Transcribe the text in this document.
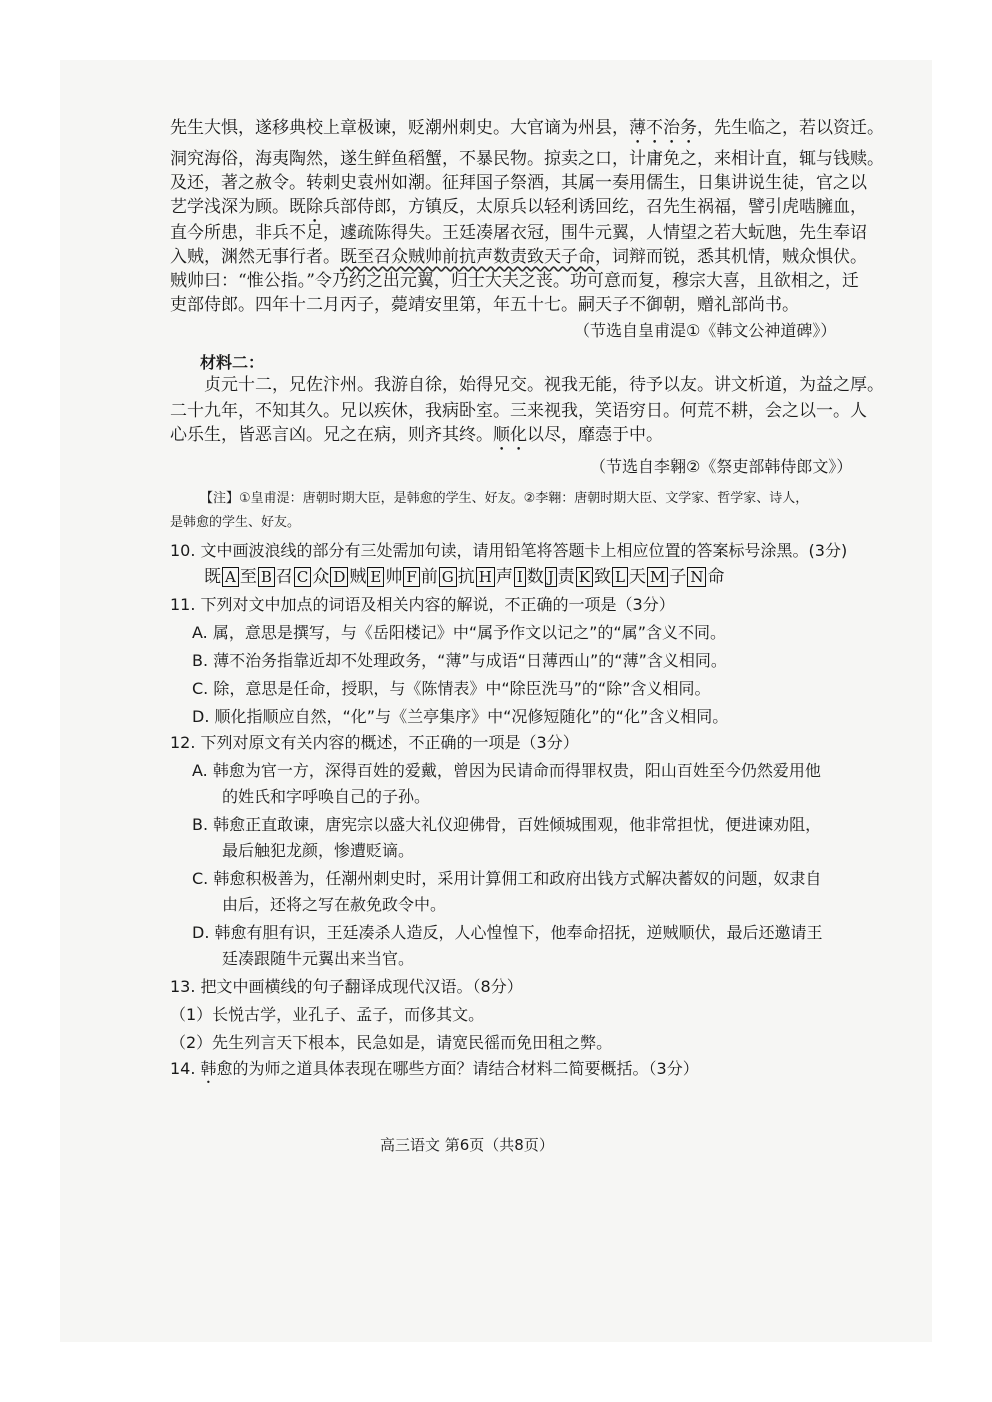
先生大惧，遂移典校上章极谏，贬潮州刺史。大官谪为州县，薄不治务，先生临之，若以资迁。
洞究海俗，海夷陶然，遂生鲜鱼稻蟹，不暴民物。掠卖之口，计庸免之，来相计直，辄与钱赎。
及还，著之赦令。转刺史袁州如潮。征拜国子祭酒，其属一奏用儒生，日集讲说生徒，官之以
艺学浅深为顾。既除兵部侍郎，方镇反，太原兵以轻利诱回纥，召先生祸福，譬引虎啮臃血，
直今所患，非兵不足，遽疏陈得失。王廷凑屠衣冠，围牛元翼，人情望之若大蚖虺，先生奉诏
入贼，渊然无事行者。既至召众贼帅前抗声数责致天子命，词辩而锐，悉其机情，贼众惧伏。
贼帅曰：“惟公指。”令乃约之出元翼，归士大夫之丧。功可意而复，穆宗大喜，且欲相之，迁
吏部侍郎。四年十二月丙子，薨靖安里第，年五十七。嗣天子不御朝，赠礼部尚书。
（节选自皇甫湜①《韩文公神道碑》）
材料二：
贞元十二，兄佐汴州。我游自徐，始得兄交。视我无能，待予以友。讲文析道，为益之厚。
二十九年，不知其久。兄以疾休，我病卧室。三来视我，笑语穷日。何荒不耕，会之以一。人
心乐生，皆恶言凶。兄之在病，则齐其终。顺化以尽，靡悫于中。
（节选自李翱②《祭吏部韩侍郎文》）
【注】①皇甫湜：唐朝时期大臣，是韩愈的学生、好友。②李翱：唐朝时期大臣、文学家、哲学家、诗人，
是韩愈的学生、好友。
10. 文中画波浪线的部分有三处需加句读，请用铅笔将答题卡上相应位置的答案标号涂黑。(3分)
既 A 至 B 召 C 众 D 贼 E 帅 F 前 G 抗 H 声 I 数 J 责 K 致 L 天 M 子 N 命
11. 下列对文中加点的词语及相关内容的解说，不正确的一项是（3分）
A. 属，意思是撰写，与《岳阳楼记》中“属予作文以记之”的“属”含义不同。
B. 薄不治务指靠近却不处理政务，“薄”与成语“日薄西山”的“薄”含义相同。
C. 除，意思是任命，授职，与《陈情表》中“除臣洗马”的“除”含义相同。
D. 顺化指顺应自然，“化”与《兰亭集序》中“况修短随化”的“化”含义相同。
12. 下列对原文有关内容的概述，不正确的一项是（3分）
A. 韩愈为官一方，深得百姓的爱戴，曾因为民请命而得罪权贵，阳山百姓至今仍然爱用他
的姓氏和字呼唤自己的子孙。
B. 韩愈正直敢谏，唐宪宗以盛大礼仪迎佛骨，百姓倾城围观，他非常担忧，便进谏劝阻，
最后触犯龙颜，惨遭贬谪。
C. 韩愈积极善为，任潮州刺史时，采用计算佣工和政府出钱方式解决蓄奴的问题，奴隶自
由后，还将之写在赦免政令中。
D. 韩愈有胆有识，王廷凑杀人造反，人心惶惶下，他奉命招抚，逆贼顺伏，最后还邀请王
廷凑跟随牛元翼出来当官。
13. 把文中画横线的句子翻译成现代汉语。（8分）
（1）长悦古学，业孔子、孟子，而侈其文。
（2）先生列言天下根本，民急如是，请宽民徭而免田租之弊。
14. 韩愈的为师之道具体表现在哪些方面？请结合材料二简要概括。（3分）
高三语文 第6页（共8页）
